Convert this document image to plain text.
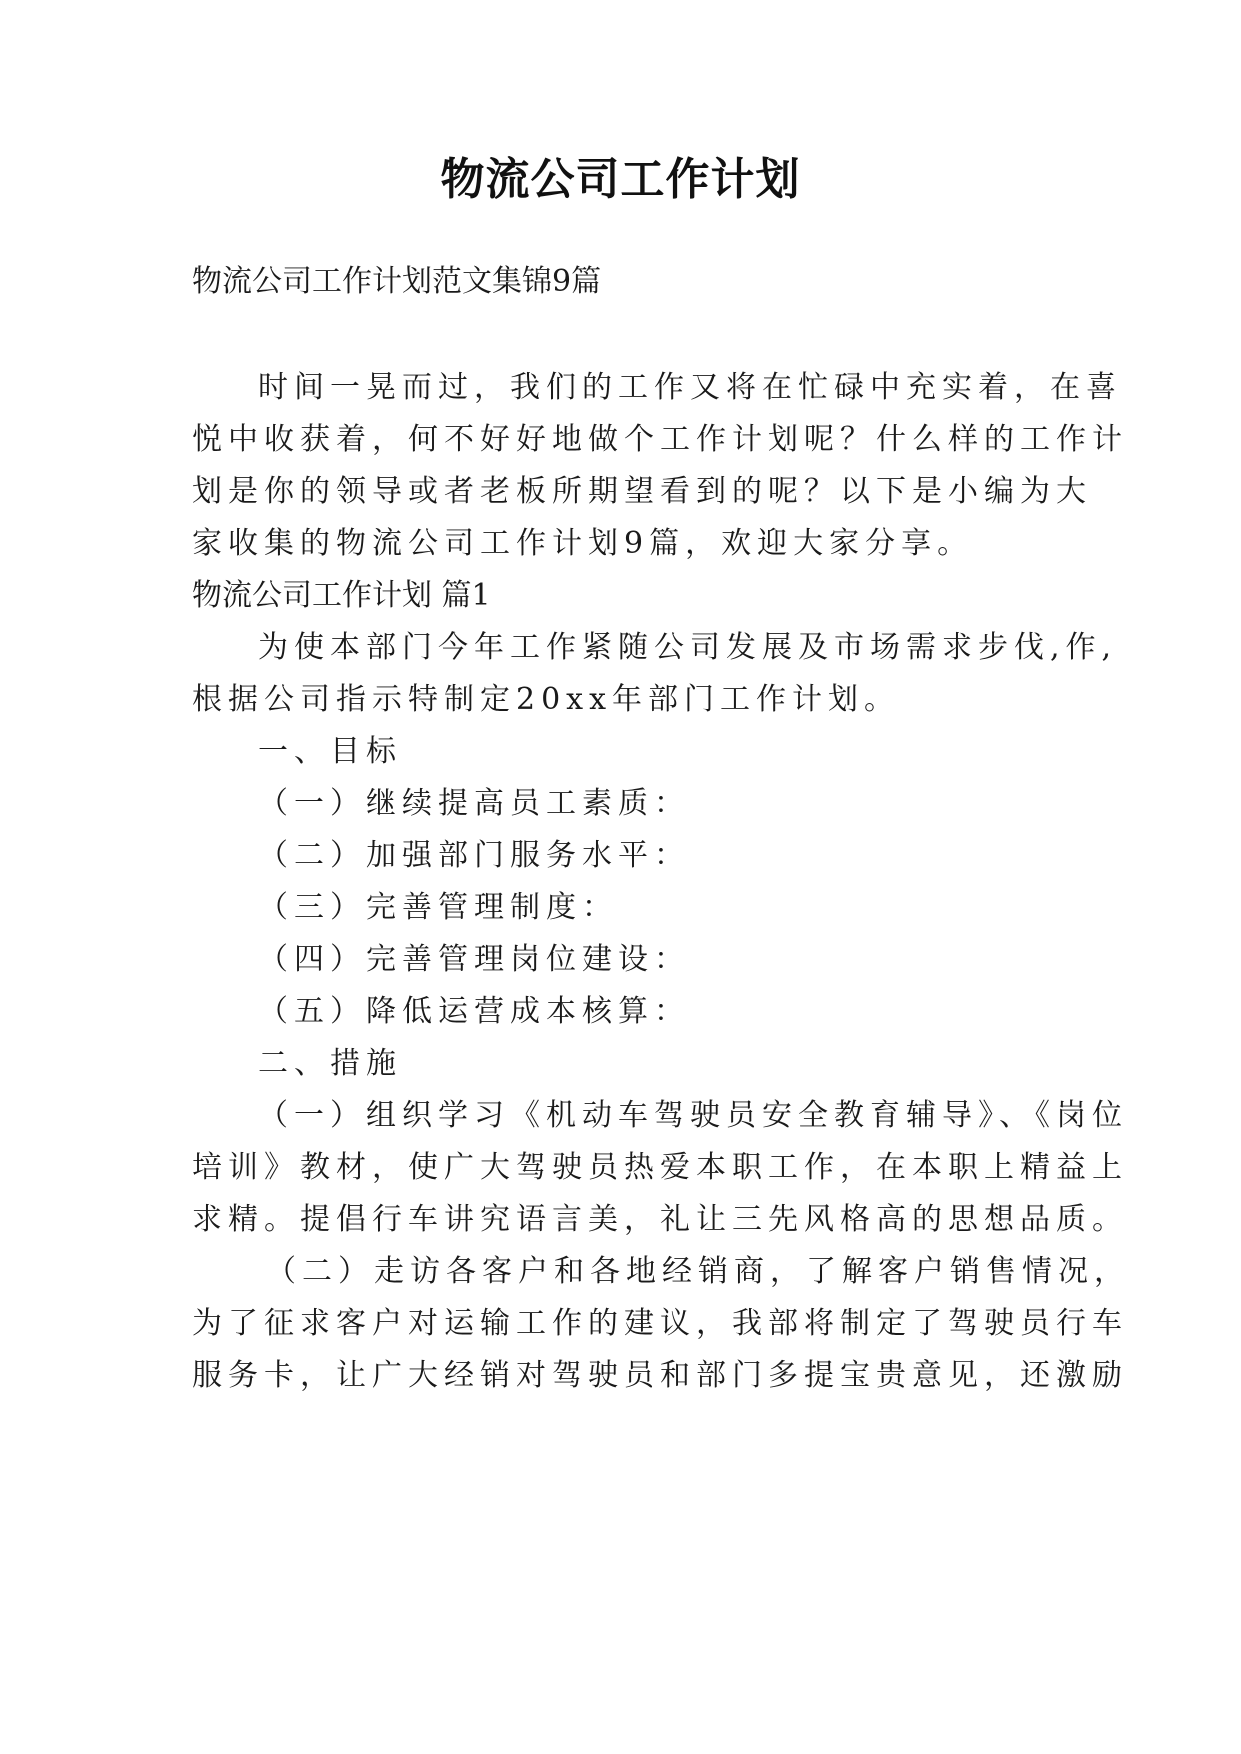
物流公司工作计划
物流公司工作计划范文集锦9篇
时间一晃而过，我们的工作又将在忙碌中充实着，在喜
悦中收获着，何不好好地做个工作计划呢？什么样的工作计
划是你的领导或者老板所期望看到的呢？以下是小编为大
家收集的物流公司工作计划9篇，欢迎大家分享。
物流公司工作计划 篇1
为使本部门今年工作紧随公司发展及市场需求步伐,作,
根据公司指示特制定20xx年部门工作计划。
一、目标
（一）继续提高员工素质：
（二）加强部门服务水平：
（三）完善管理制度：
（四）完善管理岗位建设：
（五）降低运营成本核算：
二、措施
（一）组织学习《机动车驾驶员安全教育辅导》、《岗位
培训》教材，使广大驾驶员热爱本职工作，在本职上精益上
求精。提倡行车讲究语言美，礼让三先风格高的思想品质。
（二）走访各客户和各地经销商，了解客户销售情况，
为了征求客户对运输工作的建议，我部将制定了驾驶员行车
服务卡，让广大经销对驾驶员和部门多提宝贵意见，还激励
